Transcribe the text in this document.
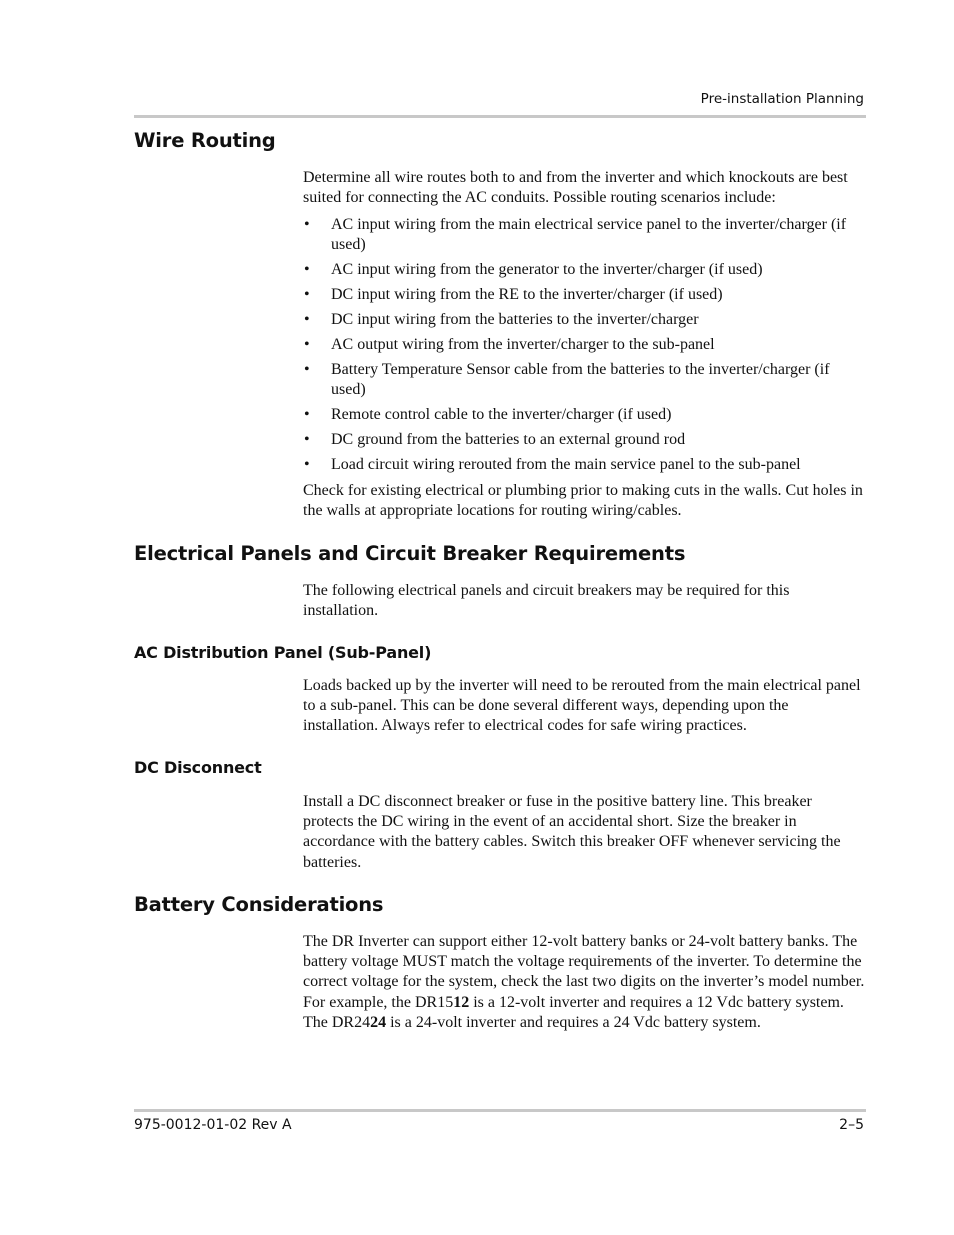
Pre-installation Planning
Wire Routing

Determine all wire routes both to and from the inverter and which knockouts are best suited for connecting the AC conduits. Possible routing scenarios include:

• AC input wiring from the main electrical service panel to the inverter/charger (if used)
• AC input wiring from the generator to the inverter/charger (if used)
• DC input wiring from the RE to the inverter/charger (if used)
• DC input wiring from the batteries to the inverter/charger
• AC output wiring from the inverter/charger to the sub-panel
• Battery Temperature Sensor cable from the batteries to the inverter/charger (if used)
• Remote control cable to the inverter/charger (if used)
• DC ground from the batteries to an external ground rod
• Load circuit wiring rerouted from the main service panel to the sub-panel

Check for existing electrical or plumbing prior to making cuts in the walls. Cut holes in the walls at appropriate locations for routing wiring/cables.

Electrical Panels and Circuit Breaker Requirements

The following electrical panels and circuit breakers may be required for this installation.

AC Distribution Panel (Sub-Panel)

Loads backed up by the inverter will need to be rerouted from the main electrical panel to a sub-panel. This can be done several different ways, depending upon the installation. Always refer to electrical codes for safe wiring practices.

DC Disconnect

Install a DC disconnect breaker or fuse in the positive battery line. This breaker protects the DC wiring in the event of an accidental short. Size the breaker in accordance with the battery cables. Switch this breaker OFF whenever servicing the batteries.

Battery Considerations

The DR Inverter can support either 12-volt battery banks or 24-volt battery banks. The battery voltage MUST match the voltage requirements of the inverter. To determine the correct voltage for the system, check the last two digits on the inverter’s model number. For example, the DR1512 is a 12-volt inverter and requires a 12 Vdc battery system. The DR2424 is a 24-volt inverter and requires a 24 Vdc battery system.

975-0012-01-02 Rev A	2–5
